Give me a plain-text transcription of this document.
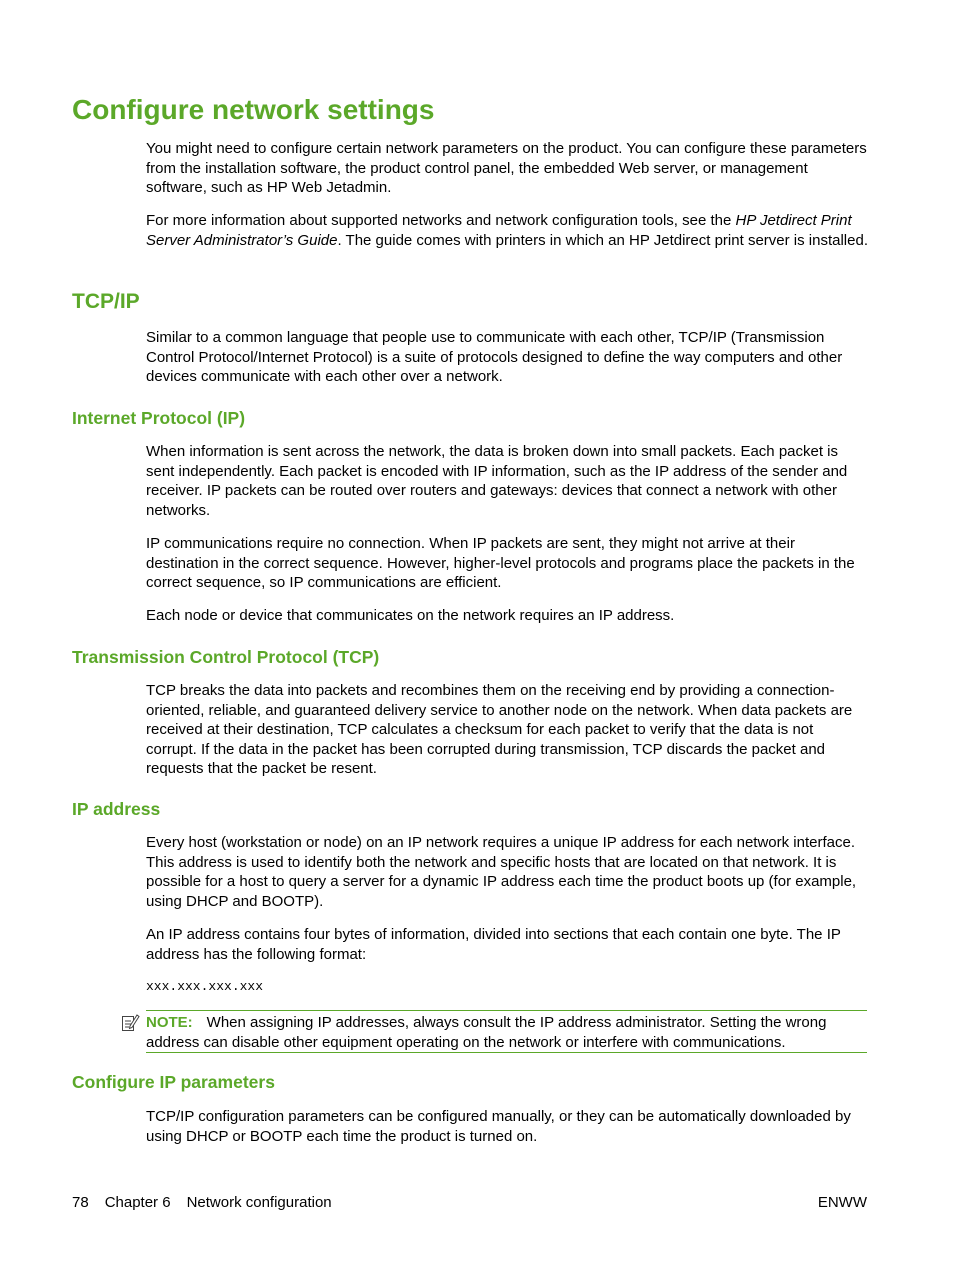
Configure network settings

You might need to configure certain network parameters on the product. You can configure these parameters from the installation software, the product control panel, the embedded Web server, or management software, such as HP Web Jetadmin.

For more information about supported networks and network configuration tools, see the HP Jetdirect Print Server Administrator’s Guide. The guide comes with printers in which an HP Jetdirect print server is installed.

TCP/IP

Similar to a common language that people use to communicate with each other, TCP/IP (Transmission Control Protocol/Internet Protocol) is a suite of protocols designed to define the way computers and other devices communicate with each other over a network.

Internet Protocol (IP)

When information is sent across the network, the data is broken down into small packets. Each packet is sent independently. Each packet is encoded with IP information, such as the IP address of the sender and receiver. IP packets can be routed over routers and gateways: devices that connect a network with other networks.

IP communications require no connection. When IP packets are sent, they might not arrive at their destination in the correct sequence. However, higher-level protocols and programs place the packets in the correct sequence, so IP communications are efficient.

Each node or device that communicates on the network requires an IP address.

Transmission Control Protocol (TCP)

TCP breaks the data into packets and recombines them on the receiving end by providing a connection-oriented, reliable, and guaranteed delivery service to another node on the network. When data packets are received at their destination, TCP calculates a checksum for each packet to verify that the data is not corrupt. If the data in the packet has been corrupted during transmission, TCP discards the packet and requests that the packet be resent.

IP address

Every host (workstation or node) on an IP network requires a unique IP address for each network interface. This address is used to identify both the network and specific hosts that are located on that network. It is possible for a host to query a server for a dynamic IP address each time the product boots up (for example, using DHCP and BOOTP).

An IP address contains four bytes of information, divided into sections that each contain one byte. The IP address has the following format:

xxx.xxx.xxx.xxx

NOTE: When assigning IP addresses, always consult the IP address administrator. Setting the wrong address can disable other equipment operating on the network or interfere with communications.

Configure IP parameters

TCP/IP configuration parameters can be configured manually, or they can be automatically downloaded by using DHCP or BOOTP each time the product is turned on.

78 Chapter 6 Network configuration	ENWW
